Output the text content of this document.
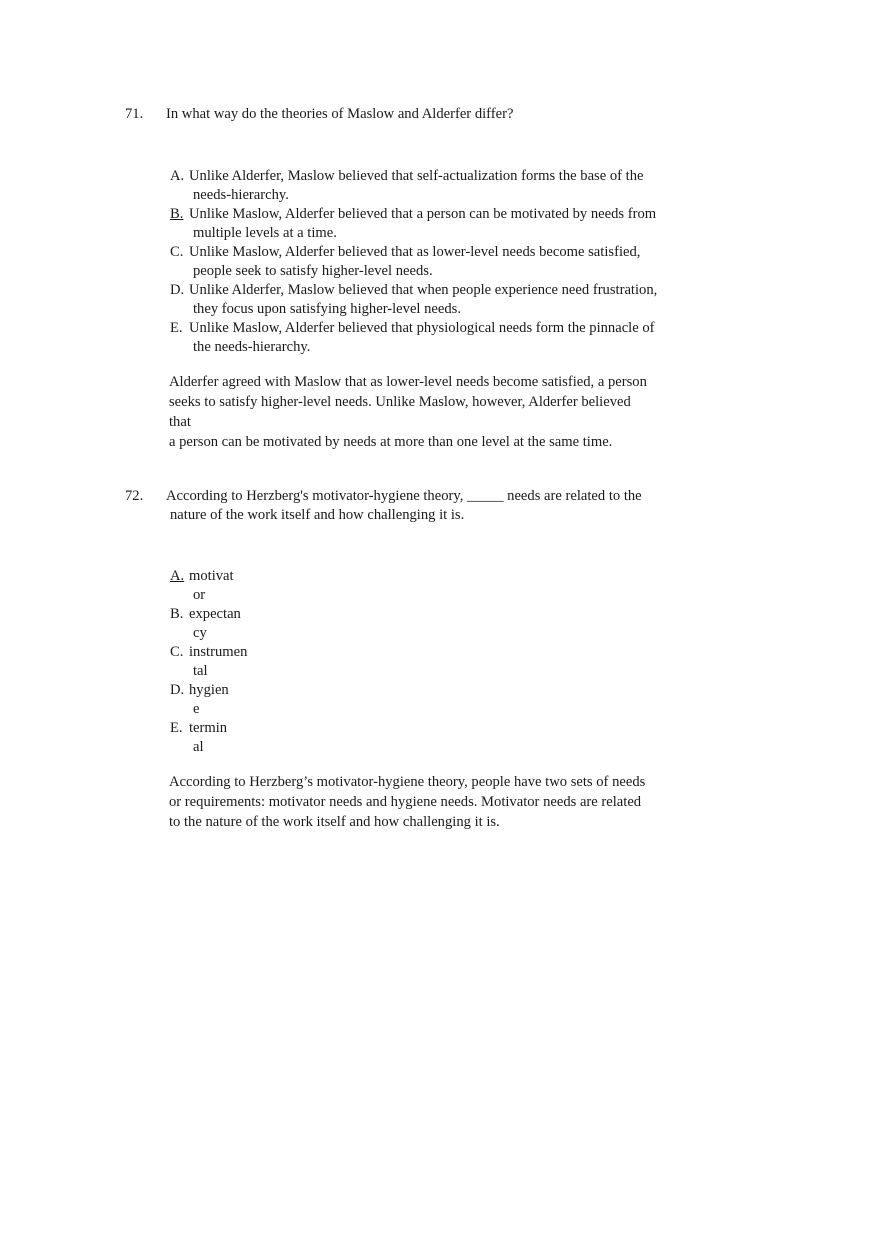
71. In what way do the theories of Maslow and Alderfer differ?
A. Unlike Alderfer, Maslow believed that self-actualization forms the base of the
needs-hierarchy.
B. Unlike Maslow, Alderfer believed that a person can be motivated by needs from
multiple levels at a time.
C. Unlike Maslow, Alderfer believed that as lower-level needs become satisfied,
people seek to satisfy higher-level needs.
D. Unlike Alderfer, Maslow believed that when people experience need frustration,
they focus upon satisfying higher-level needs.
E. Unlike Maslow, Alderfer believed that physiological needs form the pinnacle of
the needs-hierarchy.
Alderfer agreed with Maslow that as lower-level needs become satisfied, a person
seeks to satisfy higher-level needs. Unlike Maslow, however, Alderfer believed that
a person can be motivated by needs at more than one level at the same time.
72. According to Herzberg's motivator-hygiene theory, _____ needs are related to the
nature of the work itself and how challenging it is.
A. motivat
or
B. expectan
cy
C. instrumen
tal
D. hygien
e
E. termin
al
According to Herzberg’s motivator-hygiene theory, people have two sets of needs
or requirements: motivator needs and hygiene needs. Motivator needs are related
to the nature of the work itself and how challenging it is.
